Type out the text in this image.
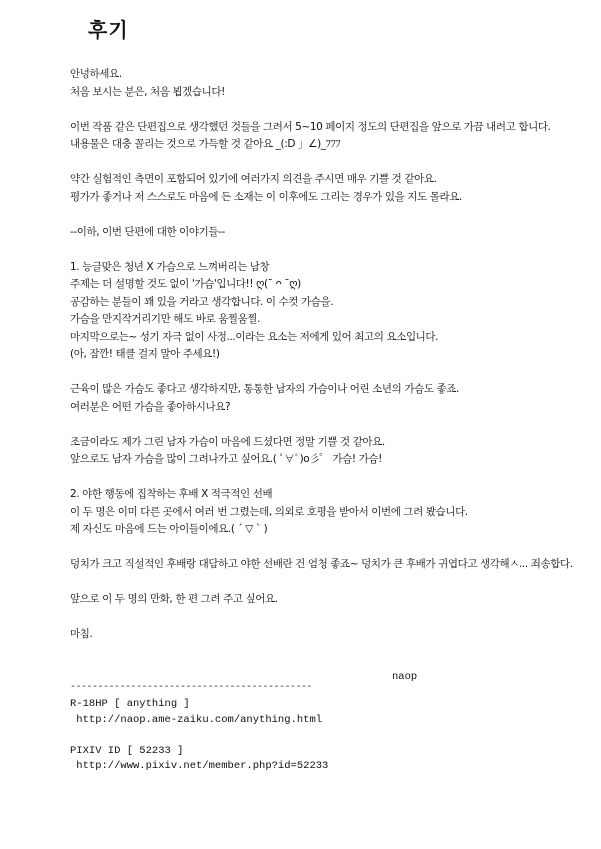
후기
안녕하세요.
처음 보시는 분은, 처음 뵙겠습니다!
이번 작품 같은 단편집으로 생각했던 것들을 그려서 5~10 페이지 정도의 단편집을 앞으로 가끔 내려고 합니다.
내용물은 대충 꼴리는 것으로 가득할 것 같아요 _(:D 」∠)_ﾌﾌﾌ
약간 실험적인 측면이 포함되어 있기에 여러가지 의견을 주시면 매우 기쁠 것 같아요.
평가가 좋거나 저 스스로도 마음에 든 소재는 이 이후에도 그리는 경우가 있을 지도 몰라요.
--이하, 이번 단편에 대한 이야기들--
1. 능글맞은 청년 X 가슴으로 느껴버리는 남창
주제는 더 설명할 것도 없이 '가슴'입니다!! ღ(¯ ᴖ ¯ღ)
공감하는 분들이 꽤 있을 거라고 생각합니다. 이 수컷 가슴을.
가슴을 만지작거리기만 해도 바로 움찔움찔.
마지막으로는~ 성기 자극 없이 사정...이라는 요소는 저에게 있어 최고의 요소입니다.
(아, 잠깐! 태클 걸지 말아 주세요!)
근육이 많은 가슴도 좋다고 생각하지만, 통통한 남자의 가슴이나 어린 소년의 가슴도 좋죠.
여러분은 어떤 가슴을 좋아하시나요?
조금이라도 제가 그린 남자 가슴이 마음에 드셨다면 정말 기쁠 것 같아요.
앞으로도 남자 가슴을 많이 그려나가고 싶어요.( ﾟ∀ﾟ)o彡゜ 가슴! 가슴!
2. 야한 행동에 집착하는 후배 X 적극적인 선배
이 두 명은 이미 다른 곳에서 여러 번 그렸는데, 의외로 호평을 받아서 이번에 그려 봤습니다.
제 자신도 마음에 드는 아이들이에요.( ´ ▽ ` )
덩치가 크고 직설적인 후배랑 대담하고 야한 선배란 건 엄청 좋죠~ 덩치가 큰 후배가 귀엽다고 생각해ㅅ... 죄송합다.
앞으로 이 두 명의 만화, 한 편 그려 주고 싶어요.
마침.
naop
--------------------------------------------
R-18HP [ anything ]
http://naop.ame-zaiku.com/anything.html
PIXIV ID [ 52233 ]
http://www.pixiv.net/member.php?id=52233
